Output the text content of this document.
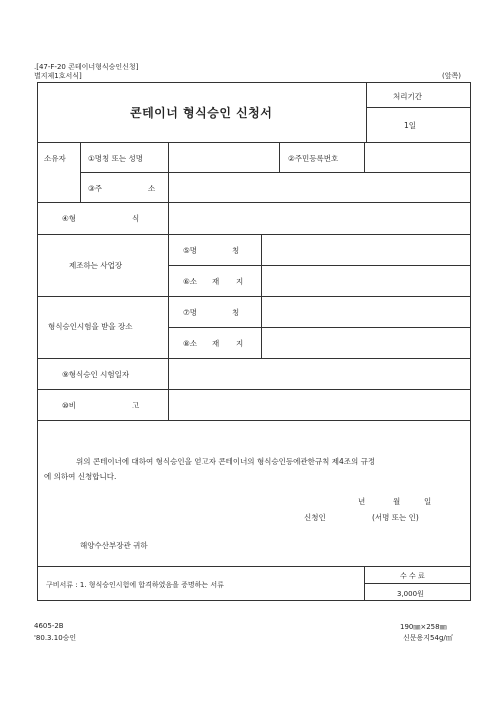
.[47-F-20 콘테이너형식승인신청]
별지제1호서식]	(앞쪽)
콘테이너 형식승인 신청서
처리기간
1일
소유자	①명칭 또는 성명	②주민등록번호
③주	소
④형	식
제조하는 사업장
⑤명	칭
⑥소 재 지
형식승인시험을 받을 장소
⑦명	칭
⑧소 재 지
⑨형식승인 시험일자
⑩비	고
위의 콘테이너에 대하여 형식승인을 얻고자 콘테이너의 형식승인등에관한규칙 제4조의 규정
에 의하여 신청합니다.
년	월	일
신청인	(서명 또는 인)
해양수산부장관 귀하
구비서류 : 1. 형식승인시험에 합격하였음을 증명하는 서류
수 수 료
3,000원
4605-2B
'80.3.10승인
190㎜×258㎜
신문용지54g/㎡
